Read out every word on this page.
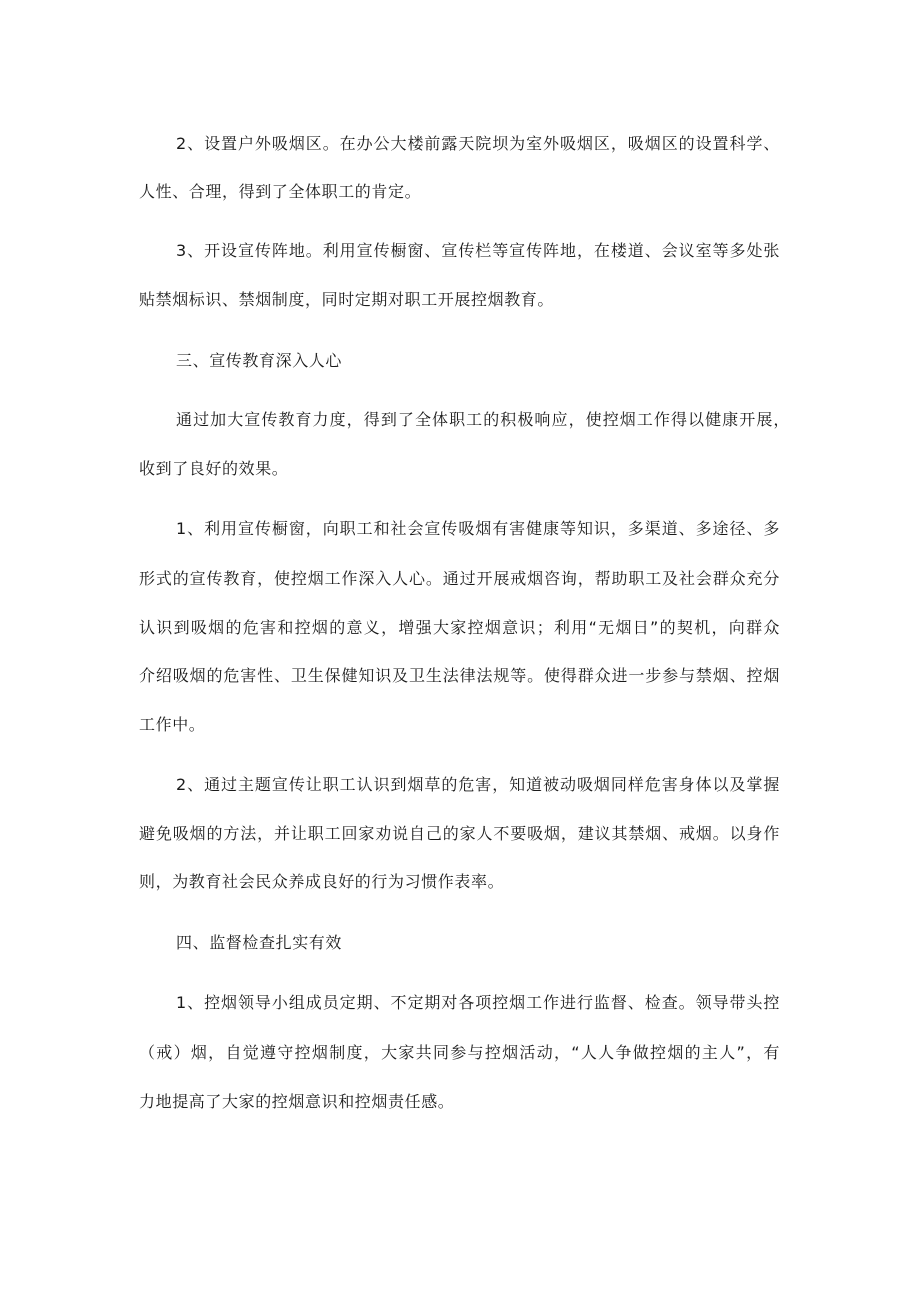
2、设置户外吸烟区。在办公大楼前露天院坝为室外吸烟区，吸烟区的设置科学、
人性、合理，得到了全体职工的肯定。
3、开设宣传阵地。利用宣传橱窗、宣传栏等宣传阵地，在楼道、会议室等多处张
贴禁烟标识、禁烟制度，同时定期对职工开展控烟教育。
三、宣传教育深入人心
通过加大宣传教育力度，得到了全体职工的积极响应，使控烟工作得以健康开展，
收到了良好的效果。
1、利用宣传橱窗，向职工和社会宣传吸烟有害健康等知识，多渠道、多途径、多
形式的宣传教育，使控烟工作深入人心。通过开展戒烟咨询，帮助职工及社会群众充分
认识到吸烟的危害和控烟的意义，增强大家控烟意识；利用“无烟日”的契机，向群众
介绍吸烟的危害性、卫生保健知识及卫生法律法规等。使得群众进一步参与禁烟、控烟
工作中。
2、通过主题宣传让职工认识到烟草的危害，知道被动吸烟同样危害身体以及掌握
避免吸烟的方法，并让职工回家劝说自己的家人不要吸烟，建议其禁烟、戒烟。以身作
则，为教育社会民众养成良好的行为习惯作表率。
四、监督检查扎实有效
1、控烟领导小组成员定期、不定期对各项控烟工作进行监督、检查。领导带头控
（戒）烟，自觉遵守控烟制度，大家共同参与控烟活动，“人人争做控烟的主人”，有
力地提高了大家的控烟意识和控烟责任感。
